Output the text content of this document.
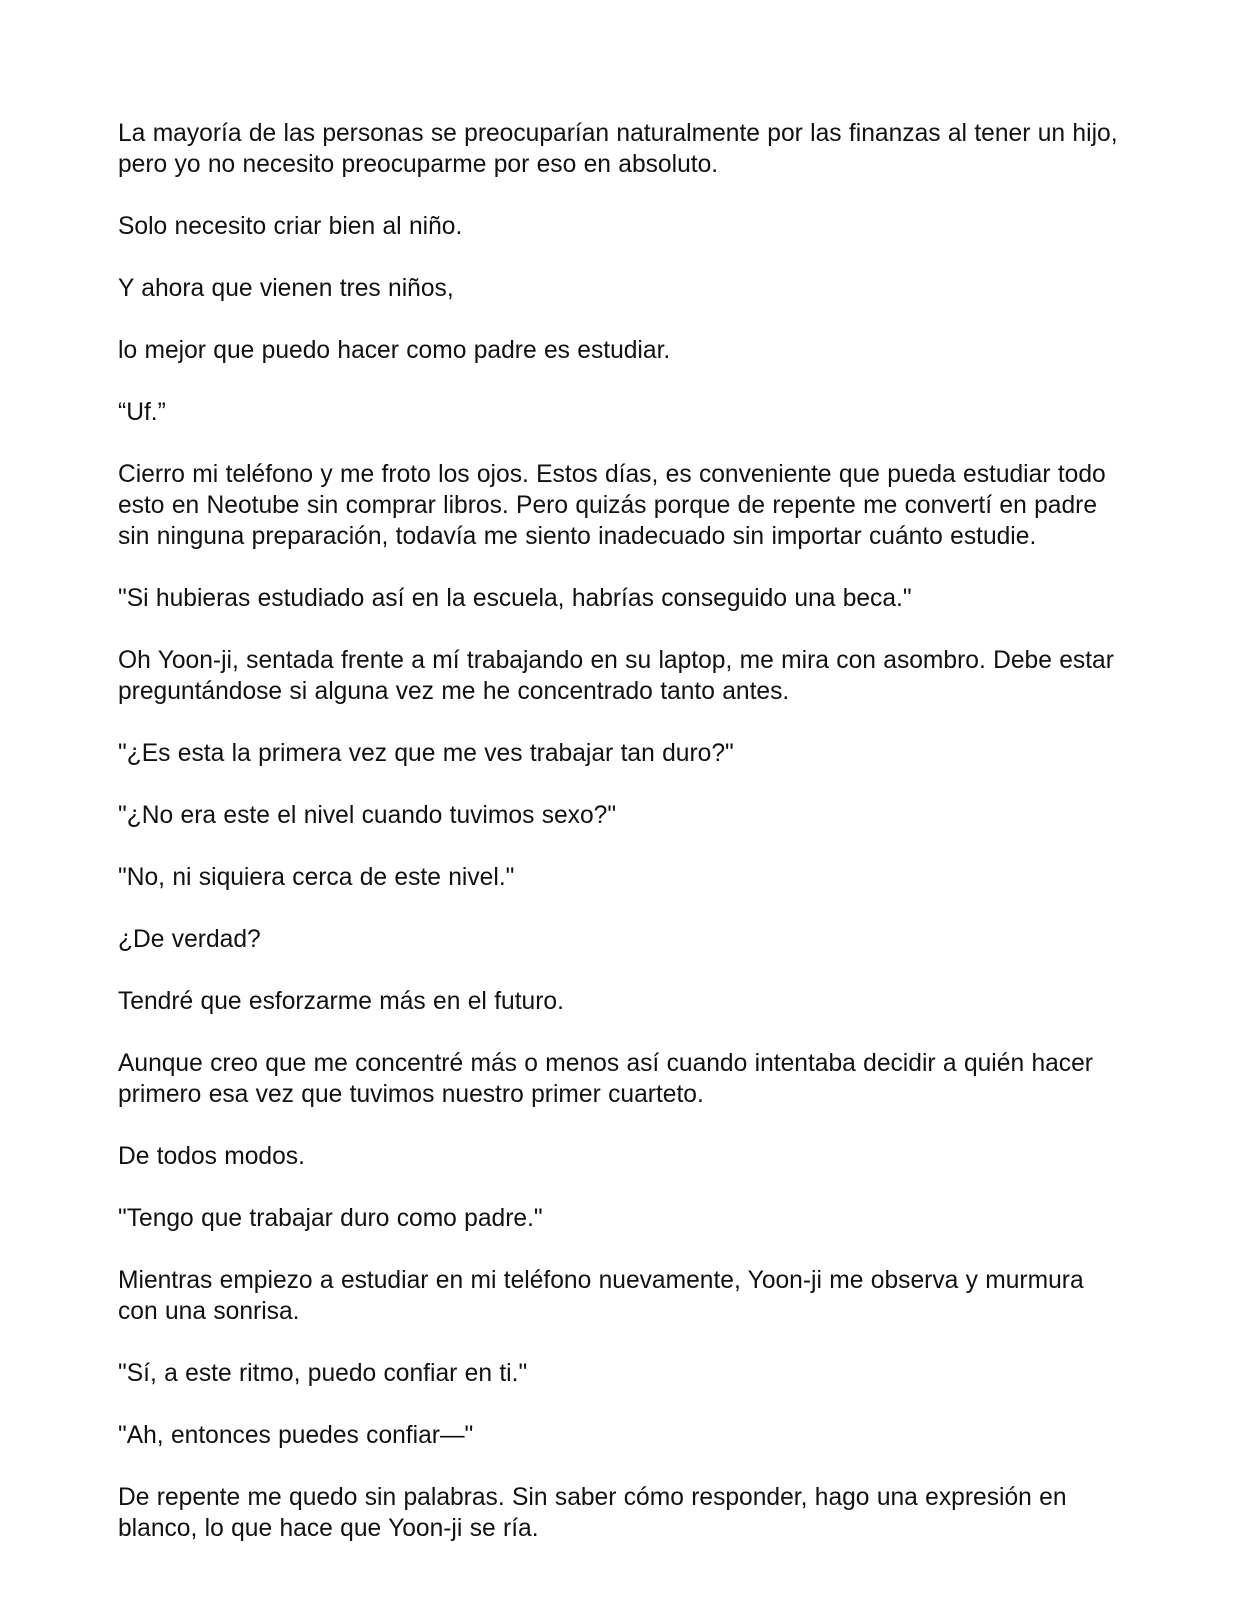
La mayoría de las personas se preocuparían naturalmente por las finanzas al tener un hijo, pero yo no necesito preocuparme por eso en absoluto.

Solo necesito criar bien al niño.

Y ahora que vienen tres niños,

lo mejor que puedo hacer como padre es estudiar.

“Uf.”

Cierro mi teléfono y me froto los ojos. Estos días, es conveniente que pueda estudiar todo esto en Neotube sin comprar libros. Pero quizás porque de repente me convertí en padre sin ninguna preparación, todavía me siento inadecuado sin importar cuánto estudie.

"Si hubieras estudiado así en la escuela, habrías conseguido una beca."

Oh Yoon-ji, sentada frente a mí trabajando en su laptop, me mira con asombro. Debe estar preguntándose si alguna vez me he concentrado tanto antes.

"¿Es esta la primera vez que me ves trabajar tan duro?"

"¿No era este el nivel cuando tuvimos sexo?"

"No, ni siquiera cerca de este nivel."

¿De verdad?

Tendré que esforzarme más en el futuro.

Aunque creo que me concentré más o menos así cuando intentaba decidir a quién hacer primero esa vez que tuvimos nuestro primer cuarteto.

De todos modos.

"Tengo que trabajar duro como padre."

Mientras empiezo a estudiar en mi teléfono nuevamente, Yoon-ji me observa y murmura con una sonrisa.

"Sí, a este ritmo, puedo confiar en ti."

"Ah, entonces puedes confiar—"

De repente me quedo sin palabras. Sin saber cómo responder, hago una expresión en blanco, lo que hace que Yoon-ji se ría.
